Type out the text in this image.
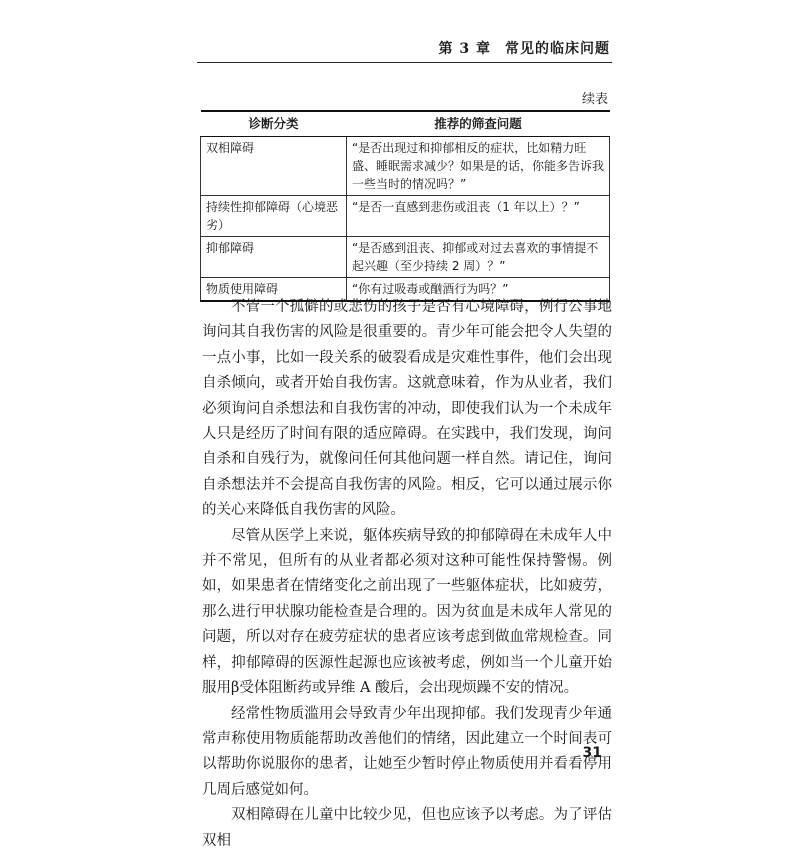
第 3 章 常见的临床问题
续表
诊断分类	推荐的筛查问题
双相障碍	“是否出现过和抑郁相反的症状，比如精力旺盛、睡眠需求减少？如果是的话，你能多告诉我一些当时的情况吗？”
持续性抑郁障碍（心境恶劣）	“是否一直感到悲伤或沮丧（1 年以上）？”
抑郁障碍	“是否感到沮丧、抑郁或对过去喜欢的事情提不起兴趣（至少持续 2 周）？”
物质使用障碍	“你有过吸毒或酗酒行为吗？”

不管一个孤僻的或悲伤的孩子是否有心境障碍，例行公事地询问其自我伤害的风险是很重要的。青少年可能会把令人失望的一点小事，比如一段关系的破裂看成是灾难性事件，他们会出现自杀倾向，或者开始自我伤害。这就意味着，作为从业者，我们必须询问自杀想法和自我伤害的冲动，即使我们认为一个未成年人只是经历了时间有限的适应障碍。在实践中，我们发现，询问自杀和自残行为，就像问任何其他问题一样自然。请记住，询问自杀想法并不会提高自我伤害的风险。相反，它可以通过展示你的关心来降低自我伤害的风险。

尽管从医学上来说，躯体疾病导致的抑郁障碍在未成年人中并不常见，但所有的从业者都必须对这种可能性保持警惕。例如，如果患者在情绪变化之前出现了一些躯体症状，比如疲劳，那么进行甲状腺功能检查是合理的。因为贫血是未成年人常见的问题，所以对存在疲劳症状的患者应该考虑到做血常规检查。同样，抑郁障碍的医源性起源也应该被考虑，例如当一个儿童开始服用β受体阻断药或异维 A 酸后，会出现烦躁不安的情况。

经常性物质滥用会导致青少年出现抑郁。我们发现青少年通常声称使用物质能帮助改善他们的情绪，因此建立一个时间表可以帮助你说服你的患者，让她至少暂时停止物质使用并看看停用几周后感觉如何。

双相障碍在儿童中比较少见，但也应该予以考虑。为了评估双相

31
